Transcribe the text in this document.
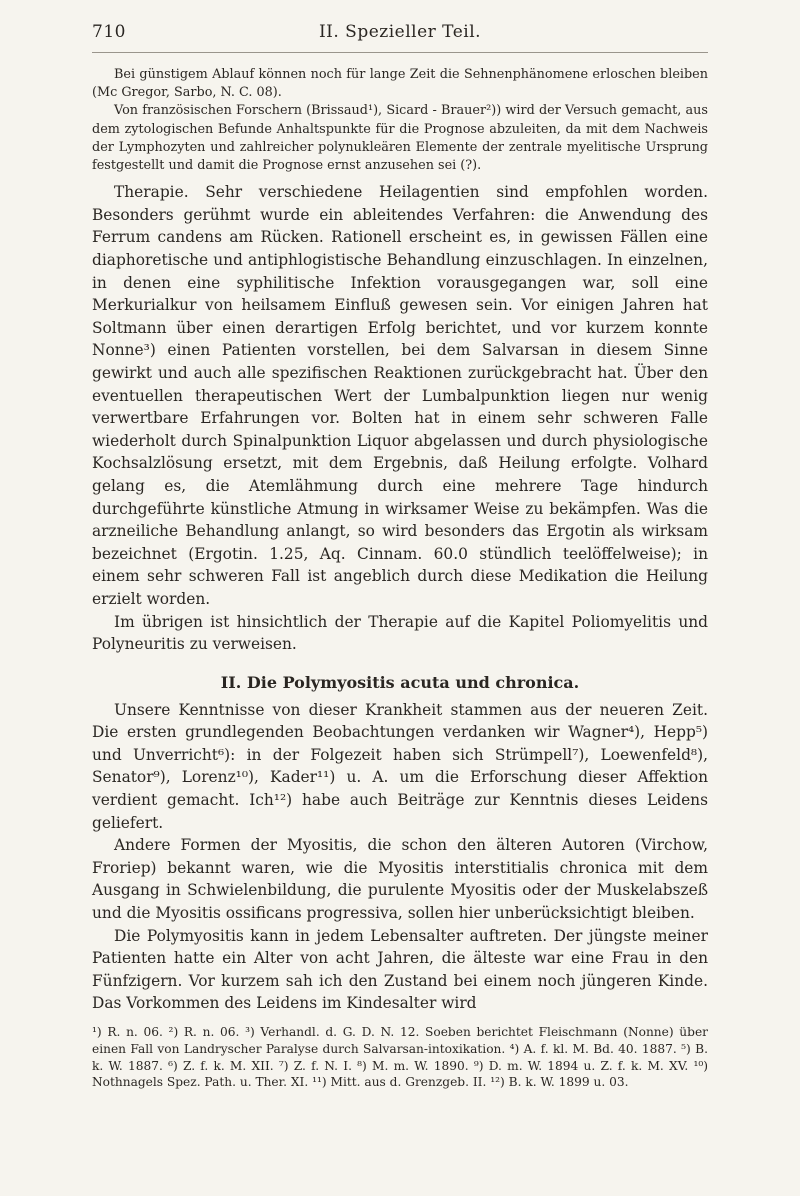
710	II. Spezieller Teil.

Bei günstigem Ablauf können noch für lange Zeit die Sehnenphänomene erloschen bleiben (Mc Gregor, Sarbo, N. C. 08).

Von französischen Forschern (Brissaud¹), Sicard - Brauer²)) wird der Versuch gemacht, aus dem zytologischen Befunde Anhaltspunkte für die Prognose abzuleiten, da mit dem Nachweis der Lymphozyten und zahlreicher polynukleären Elemente der zentrale myelitische Ursprung festgestellt und damit die Prognose ernst anzusehen sei (?).

Therapie. Sehr verschiedene Heilagentien sind empfohlen worden. Besonders gerühmt wurde ein ableitendes Verfahren: die Anwendung des Ferrum candens am Rücken. Rationell erscheint es, in gewissen Fällen eine diaphoretische und antiphlogistische Behandlung einzuschlagen. In einzelnen, in denen eine syphilitische Infektion vorausgegangen war, soll eine Merkurialkur von heilsamem Einfluß gewesen sein. Vor einigen Jahren hat Soltmann über einen derartigen Erfolg berichtet, und vor kurzem konnte Nonne³) einen Patienten vorstellen, bei dem Salvarsan in diesem Sinne gewirkt und auch alle spezifischen Reaktionen zurückgebracht hat. Über den eventuellen therapeutischen Wert der Lumbalpunktion liegen nur wenig verwertbare Erfahrungen vor. Bolten hat in einem sehr schweren Falle wiederholt durch Spinalpunktion Liquor abgelassen und durch physiologische Kochsalzlösung ersetzt, mit dem Ergebnis, daß Heilung erfolgte. Volhard gelang es, die Atemlähmung durch eine mehrere Tage hindurch durchgeführte künstliche Atmung in wirksamer Weise zu bekämpfen. Was die arzneiliche Behandlung anlangt, so wird besonders das Ergotin als wirksam bezeichnet (Ergotin. 1.25, Aq. Cinnam. 60.0 stündlich teelöffelweise); in einem sehr schweren Fall ist angeblich durch diese Medikation die Heilung erzielt worden.

Im übrigen ist hinsichtlich der Therapie auf die Kapitel Poliomyelitis und Polyneuritis zu verweisen.

II. Die Polymyositis acuta und chronica.

Unsere Kenntnisse von dieser Krankheit stammen aus der neueren Zeit. Die ersten grundlegenden Beobachtungen verdanken wir Wagner⁴), Hepp⁵) und Unverricht⁶): in der Folgezeit haben sich Strümpell⁷), Loewenfeld⁸), Senator⁹), Lorenz¹⁰), Kader¹¹) u. A. um die Erforschung dieser Affektion verdient gemacht. Ich¹²) habe auch Beiträge zur Kenntnis dieses Leidens geliefert.

Andere Formen der Myositis, die schon den älteren Autoren (Virchow, Froriep) bekannt waren, wie die Myositis interstitialis chronica mit dem Ausgang in Schwielenbildung, die purulente Myositis oder der Muskelabszeß und die Myositis ossificans progressiva, sollen hier unberücksichtigt bleiben.

Die Polymyositis kann in jedem Lebensalter auftreten. Der jüngste meiner Patienten hatte ein Alter von acht Jahren, die älteste war eine Frau in den Fünfzigern. Vor kurzem sah ich den Zustand bei einem noch jüngeren Kinde. Das Vorkommen des Leidens im Kindesalter wird

¹) R. n. 06. ²) R. n. 06. ³) Verhandl. d. G. D. N. 12. Soeben berichtet Fleischmann (Nonne) über einen Fall von Landryscher Paralyse durch Salvarsan-intoxikation. ⁴) A. f. kl. M. Bd. 40. 1887. ⁵) B. k. W. 1887. ⁶) Z. f. k. M. XII. ⁷) Z. f. N. I. ⁸) M. m. W. 1890. ⁹) D. m. W. 1894 u. Z. f. k. M. XV. ¹⁰) Nothnagels Spez. Path. u. Ther. XI. ¹¹) Mitt. aus d. Grenzgeb. II. ¹²) B. k. W. 1899 u. 03.
